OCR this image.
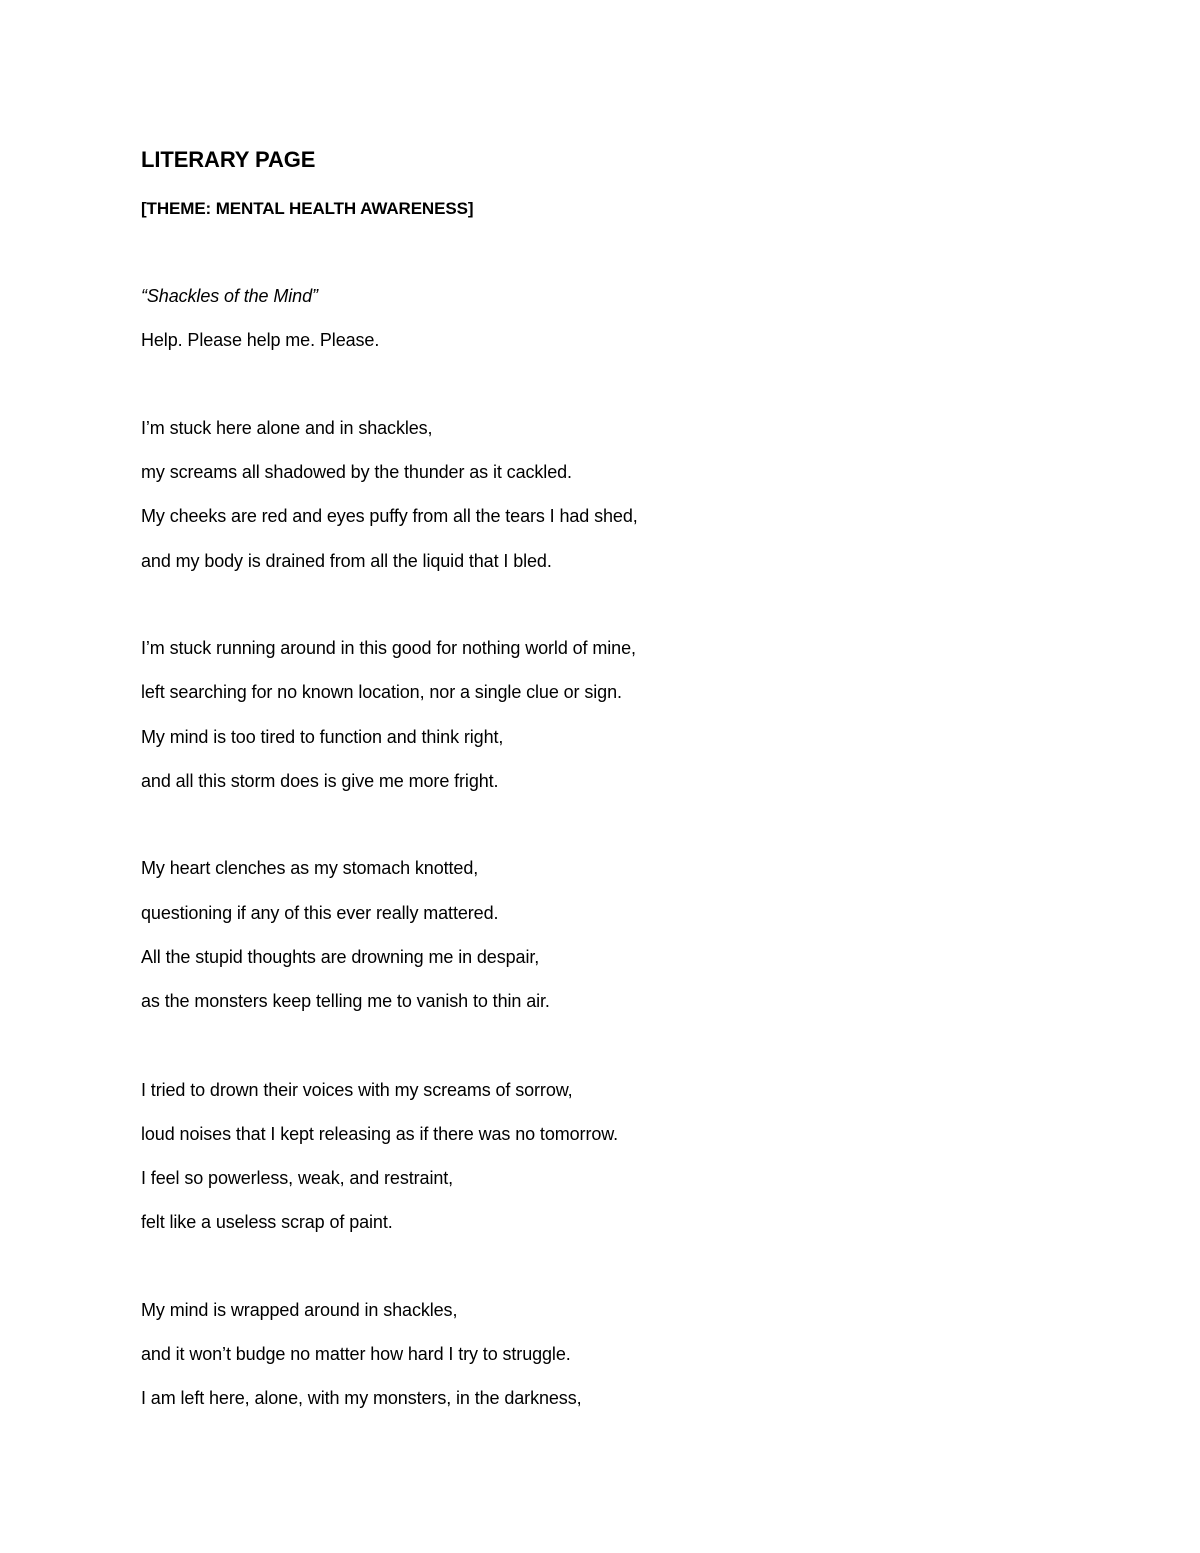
LITERARY PAGE
[THEME: MENTAL HEALTH AWARENESS]
“Shackles of the Mind”
Help. Please help me. Please.
I’m stuck here alone and in shackles,
my screams all shadowed by the thunder as it cackled.
My cheeks are red and eyes puffy from all the tears I had shed,
and my body is drained from all the liquid that I bled.
I’m stuck running around in this good for nothing world of mine,
left searching for no known location, nor a single clue or sign.
My mind is too tired to function and think right,
and all this storm does is give me more fright.
My heart clenches as my stomach knotted,
questioning if any of this ever really mattered.
All the stupid thoughts are drowning me in despair,
as the monsters keep telling me to vanish to thin air.
I tried to drown their voices with my screams of sorrow,
loud noises that I kept releasing as if there was no tomorrow.
I feel so powerless, weak, and restraint,
felt like a useless scrap of paint.
My mind is wrapped around in shackles,
and it won’t budge no matter how hard I try to struggle.
I am left here, alone, with my monsters, in the darkness,
